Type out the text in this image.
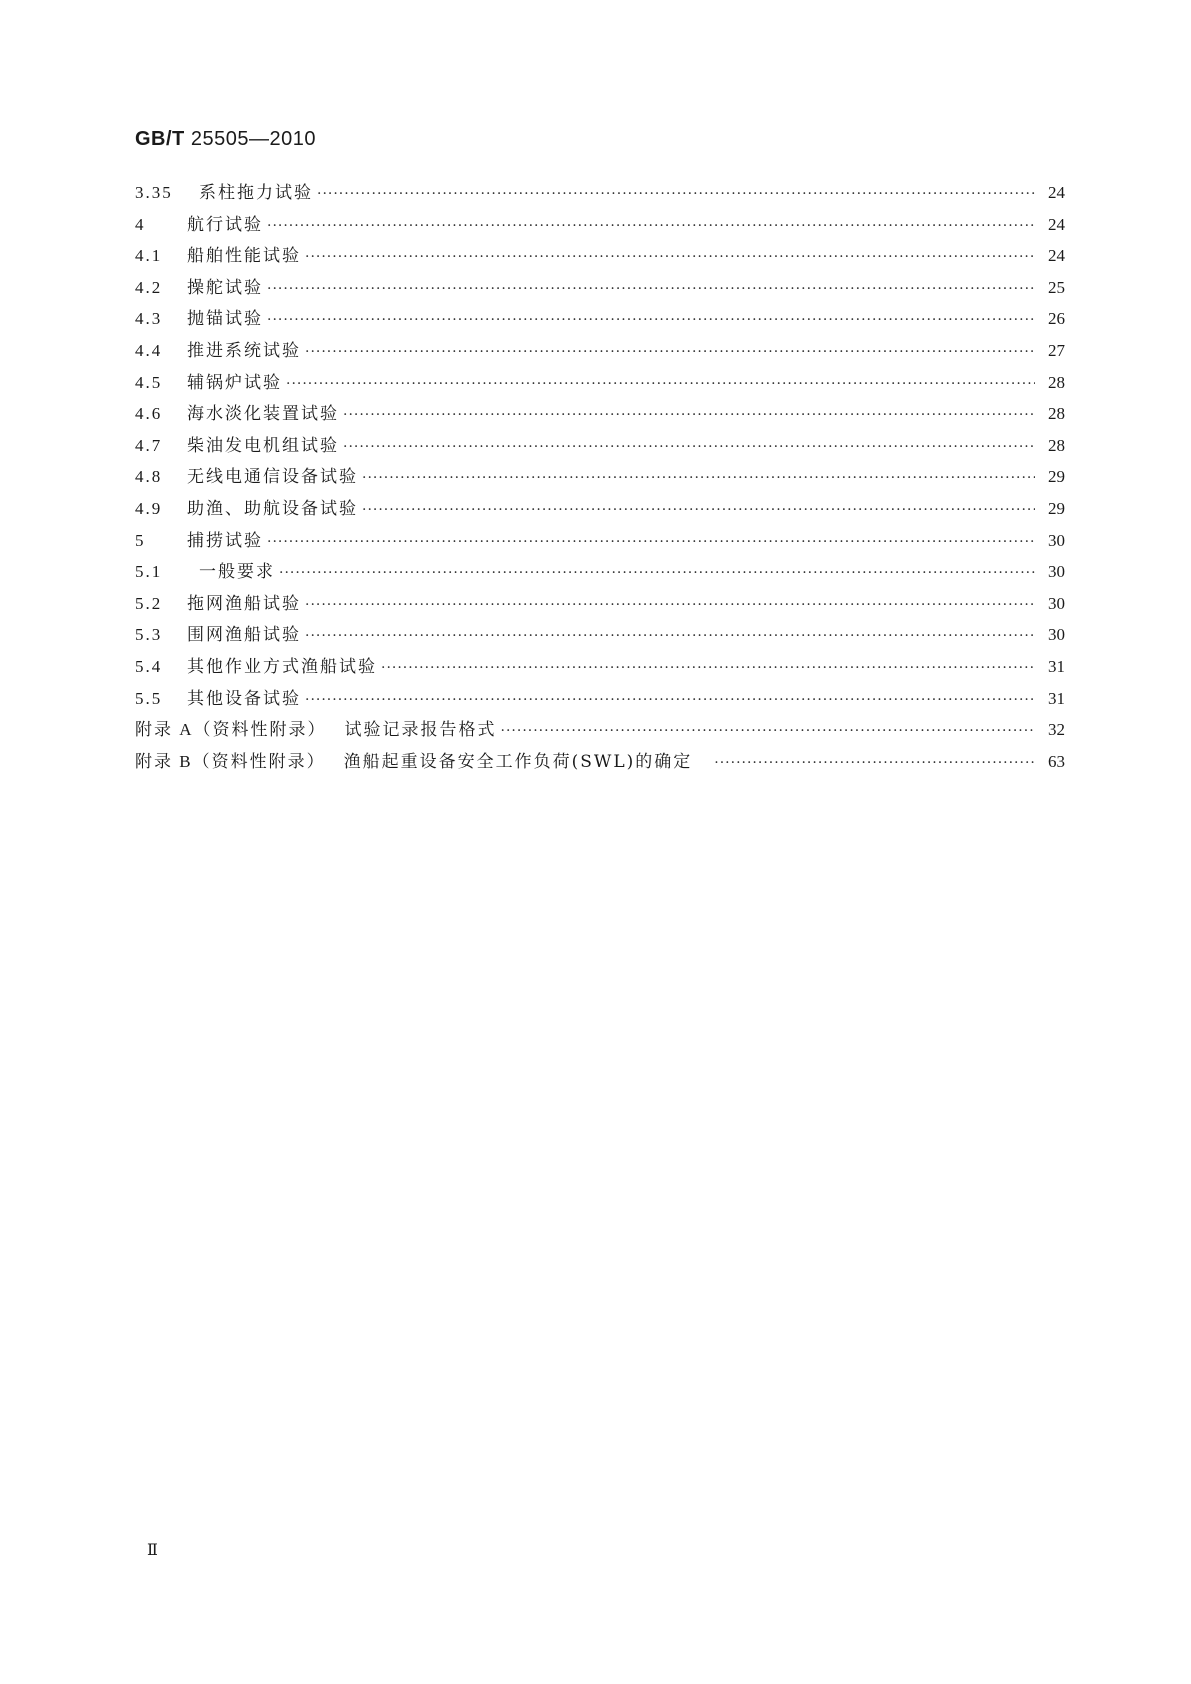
GB/T 25505—2010
3.35	系柱拖力试验 ·····	24
4	航行试验 ·····	24
4.1	船舶性能试验 ·····	24
4.2	操舵试验 ·····	25
4.3	抛锚试验 ·····	26
4.4	推进系统试验 ·····	27
4.5	辅锅炉试验 ·····	28
4.6	海水淡化装置试验 ·····	28
4.7	柴油发电机组试验 ·····	28
4.8	无线电通信设备试验 ·····	29
4.9	助渔、助航设备试验 ·····	29
5	捕捞试验 ·····	30
5.1	一般要求 ·····	30
5.2	拖网渔船试验 ·····	30
5.3	围网渔船试验 ·····	30
5.4	其他作业方式渔船试验 ·····	31
5.5	其他设备试验 ·····	31
附录 A（资料性附录） 试验记录报告格式 ·····	32
附录 B（资料性附录） 渔船起重设备安全工作负荷(SWL)的确定 ·····	63
Ⅱ
